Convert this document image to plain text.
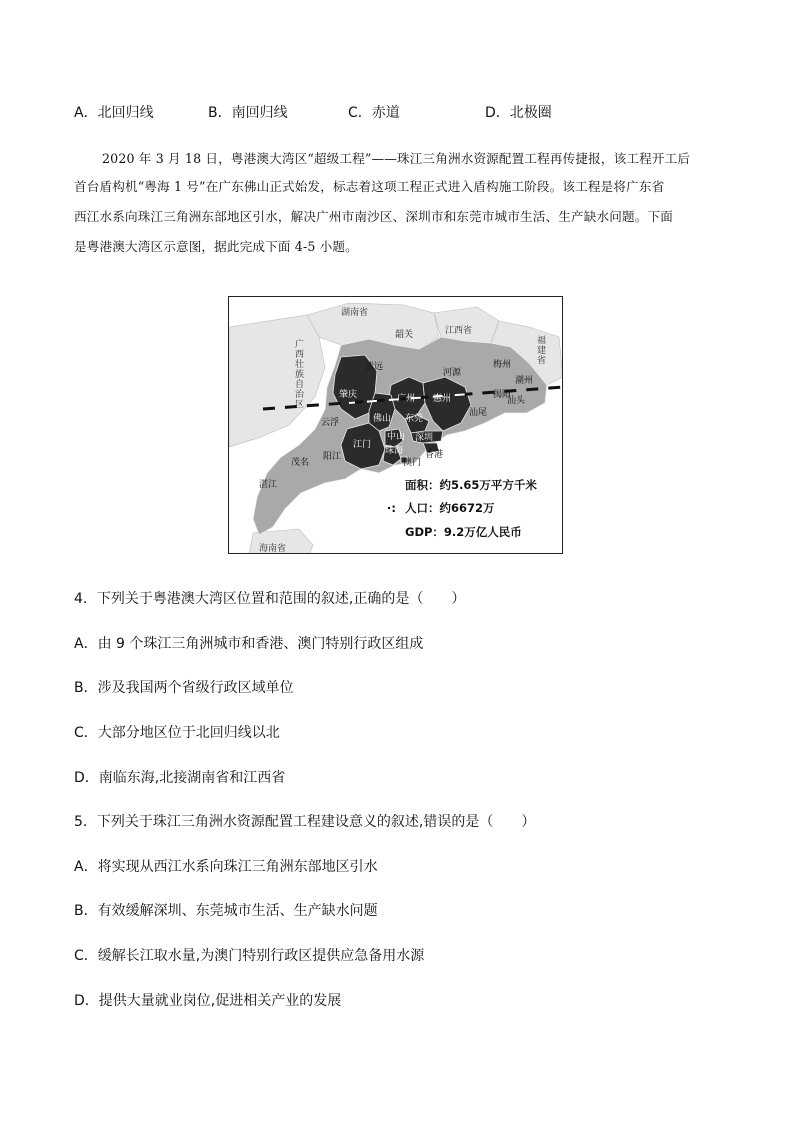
A．北回归线	B．南回归线	C．赤道	D．北极圈
2020 年 3 月 18 日，粤港澳大湾区“超级工程”——珠江三角洲水资源配置工程再传捷报，该工程开工后
首台盾构机“粤海 1 号”在广东佛山正式始发，标志着这项工程正式进入盾构施工阶段。该工程是将广东省
西江水系向珠江三角洲东部地区引水，解决广州市南沙区、深圳市和东莞市城市生活、生产缺水问题。下面
是粤港澳大湾区示意图，据此完成下面 4-5 小题。
湖南省
江西省
福建省
广西壮族自治区
海南省
韶关
清远
河源
梅州
潮州
汕头
揭阳
汕尾
肇庆	广州 惠州
佛山 东莞
深圳
云浮
江门
中山
珠海 香港
澳门
茂名
阳江
湛江	面积：约5.65万平方千米
∙: 人口：约6672万
GDP：9.2万亿人民币
4．下列关于粤港澳大湾区位置和范围的叙述,正确的是（　　）
A．由 9 个珠江三角洲城市和香港、澳门特别行政区组成
B．涉及我国两个省级行政区域单位
C．大部分地区位于北回归线以北
D．南临东海,北接湖南省和江西省
5．下列关于珠江三角洲水资源配置工程建设意义的叙述,错误的是（　　）
A．将实现从西江水系向珠江三角洲东部地区引水
B．有效缓解深圳、东莞城市生活、生产缺水问题
C．缓解长江取水量,为澳门特别行政区提供应急备用水源
D．提供大量就业岗位,促进相关产业的发展
